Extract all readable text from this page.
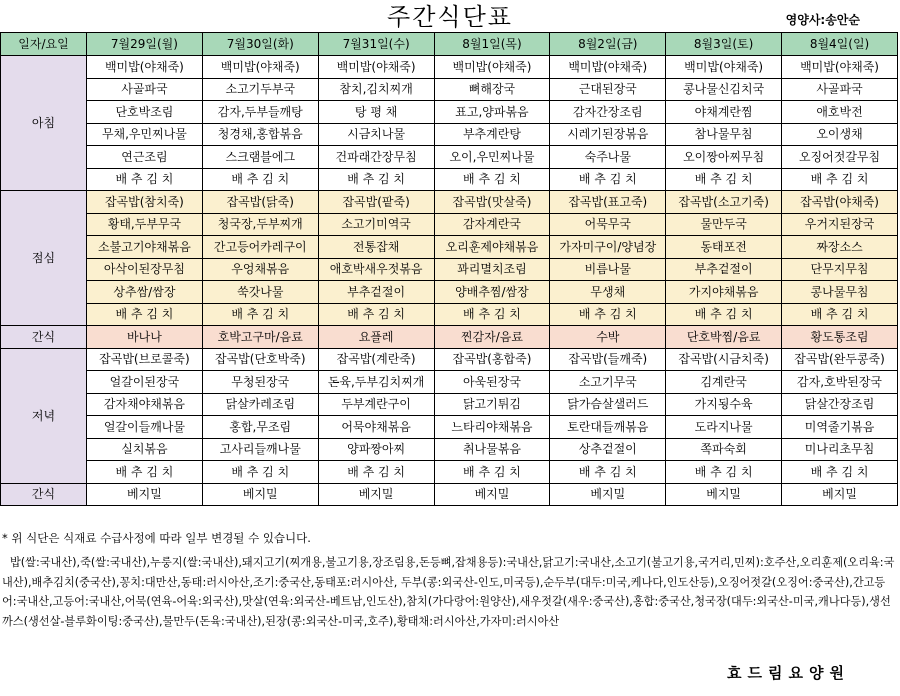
주간식단표	영양사:송안순
일자/요일	7월29일(월)	7월30일(화)	7월31일(수)	8월1일(목)	8월2일(금)	8월3일(토)	8월4일(일)
아침	백미밥(야채죽)	백미밥(야채죽)	백미밥(야채죽)	백미밥(야채죽)	백미밥(야채죽)	백미밥(야채죽)	백미밥(야채죽)
	사골파국	소고기두부국	참치,김치찌개	뼈해장국	근대된장국	콩나물신김치국	사골파국
	단호박조림	감자,두부들깨탕	탕 평 채	표고,양파볶음	감자간장조림	야채계란찜	애호박전
	무채,우민찌나물	청경채,홍합볶음	시금치나물	부추계란탕	시레기된장볶음	참나물무침	오이생채
	연근조림	스크램블에그	건파래간장무침	오이,우민찌나물	숙주나물	오이짱아찌무침	오징어젓갈무침
	배 추 김 치	배 추 김 치	배 추 김 치	배 추 김 치	배 추 김 치	배 추 김 치	배 추 김 치
점심	잡곡밥(참치죽)	잡곡밥(닭죽)	잡곡밥(팥죽)	잡곡밥(맛살죽)	잡곡밥(표고죽)	잡곡밥(소고기죽)	잡곡밥(야채죽)
	황태,두부무국	청국장,두부찌개	소고기미역국	감자계란국	어묵무국	물만두국	우거지된장국
	소불고기야채볶음	간고등어카레구이	전통잡채	오리훈제야채볶음	가자미구이/양념장	동태포전	짜장소스
	아삭이된장무침	우엉채볶음	애호박새우젓볶음	꽈리멸치조림	비름나물	부추겉절이	단무지무침
	상추쌈/쌈장	쑥갓나물	부추겉절이	양배추찜/쌈장	무생채	가지야채볶음	콩나물무침
	배 추 김 치	배 추 김 치	배 추 김 치	배 추 김 치	배 추 김 치	배 추 김 치	배 추 김 치
간식	바나나	호박고구마/음료	요플레	찐감자/음료	수박	단호박찜/음료	황도통조림
저녁	잡곡밥(브로콜죽)	잡곡밥(단호박죽)	잡곡밥(계란죽)	잡곡밥(홍합죽)	잡곡밥(들깨죽)	잡곡밥(시금치죽)	잡곡밥(완두콩죽)
	얼갈이된장국	무청된장국	돈육,두부김치찌개	아욱된장국	소고기무국	김계란국	감자,호박된장국
	감자채야채볶음	닭살카레조림	두부계란구이	닭고기튀김	닭가슴살샐러드	가지됭수육	닭살간장조림
	얼갈이들깨나물	홍합,무조림	어묵야채볶음	느타리야채볶음	토란대들깨볶음	도라지나물	미역줄기볶음
	실치볶음	고사리들깨나물	양파짱아찌	취나물볶음	상추겉절이	쪽파숙회	미나리초무침
	배 추 김 치	배 추 김 치	배 추 김 치	배 추 김 치	배 추 김 치	배 추 김 치	배 추 김 치
간식	베지밀	베지밀	베지밀	베지밀	베지밀	베지밀	베지밀
* 위 식단은 식재료 수급사정에 따라 일부 변경될 수 있습니다.
밥(쌀:국내산),죽(쌀:국내산),누룽지(쌀:국내산),돼지고기(찌개용,불고기용,장조림용,돈등뼈,잡채용등):국내산,닭고기:국내산,소고기(불고기용,국거리,민찌):호주산,오리훈제(오리육:국내산),배추김치(중국산),꽁치:대만산,동태:러시아산,조기:중국산,동태포:러시아산, 두부(콩:외국산-인도,미국등),순두부(대두:미국,케나다,인도산등),오징어젓갈(오징어:중국산),간고등어:국내산,고등어:국내산,어묵(연육-어육:외국산),맛살(연육:외국산-베트남,인도산),참치(가다랑어:원양산),새우젓갈(새우:중국산),홍합:중국산,청국장(대두:외국산-미국,캐나다등),생선까스(생선살-블루화이팅:중국산),물만두(돈육:국내산),된장(콩:외국산-미국,호주),황태채:러시아산,가자미:러시아산
효드림요양원
